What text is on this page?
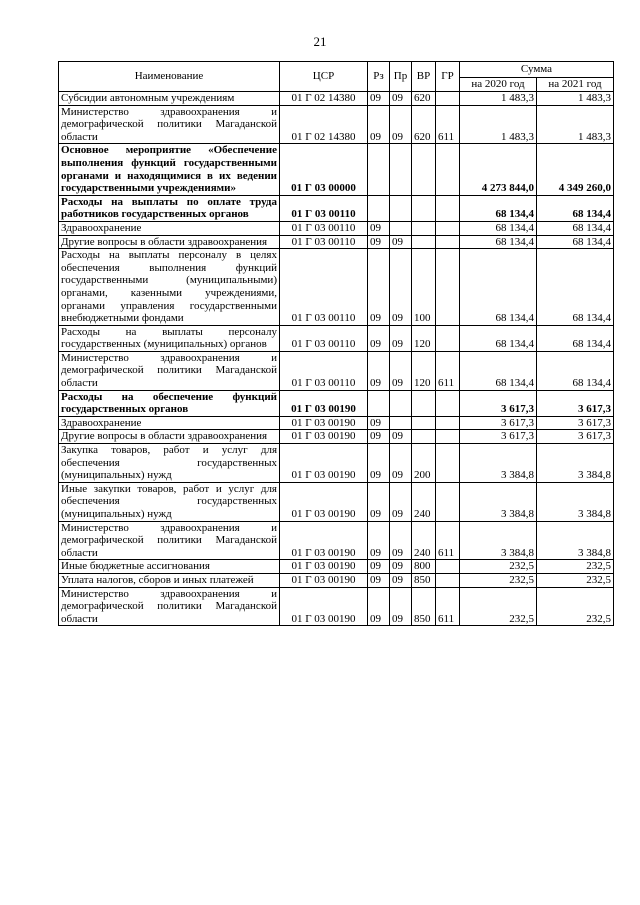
21
Наименование	ЦСР	Рз	Пр	ВР	ГР	Сумма	
						на 2020 год	на 2021 год
Субсидии автономным учреждениям	01 Г 02 14380	09	09	620		1 483,3	1 483,3
Министерство здравоохранения и демографической политики Магаданской области	01 Г 02 14380	09	09	620	611	1 483,3	1 483,3
Основное мероприятие «Обеспечение выполнения функций государственными органами и находящимися в их ведении государственными учреждениями»	01 Г 03 00000					4 273 844,0	4 349 260,0
Расходы на выплаты по оплате труда работников государственных органов	01 Г 03 00110					68 134,4	68 134,4
Здравоохранение	01 Г 03 00110	09				68 134,4	68 134,4
Другие вопросы в области здравоохранения	01 Г 03 00110	09	09			68 134,4	68 134,4
Расходы на выплаты персоналу в целях обеспечения выполнения функций государственными (муниципальными) органами, казенными учреждениями, органами управления государственными внебюджетными фондами	01 Г 03 00110	09	09	100		68 134,4	68 134,4
Расходы на выплаты персоналу государственных (муниципальных) органов	01 Г 03 00110	09	09	120		68 134,4	68 134,4
Министерство здравоохранения и демографической политики Магаданской области	01 Г 03 00110	09	09	120	611	68 134,4	68 134,4
Расходы на обеспечение функций государственных органов	01 Г 03 00190					3 617,3	3 617,3
Здравоохранение	01 Г 03 00190	09				3 617,3	3 617,3
Другие вопросы в области здравоохранения	01 Г 03 00190	09	09			3 617,3	3 617,3
Закупка товаров, работ и услуг для обеспечения государственных (муниципальных) нужд	01 Г 03 00190	09	09	200		3 384,8	3 384,8
Иные закупки товаров, работ и услуг для обеспечения государственных (муниципальных) нужд	01 Г 03 00190	09	09	240		3 384,8	3 384,8
Министерство здравоохранения и демографической политики Магаданской области	01 Г 03 00190	09	09	240	611	3 384,8	3 384,8
Иные бюджетные ассигнования	01 Г 03 00190	09	09	800		232,5	232,5
Уплата налогов, сборов и иных платежей	01 Г 03 00190	09	09	850		232,5	232,5
Министерство здравоохранения и демографической политики Магаданской области	01 Г 03 00190	09	09	850	611	232,5	232,5
